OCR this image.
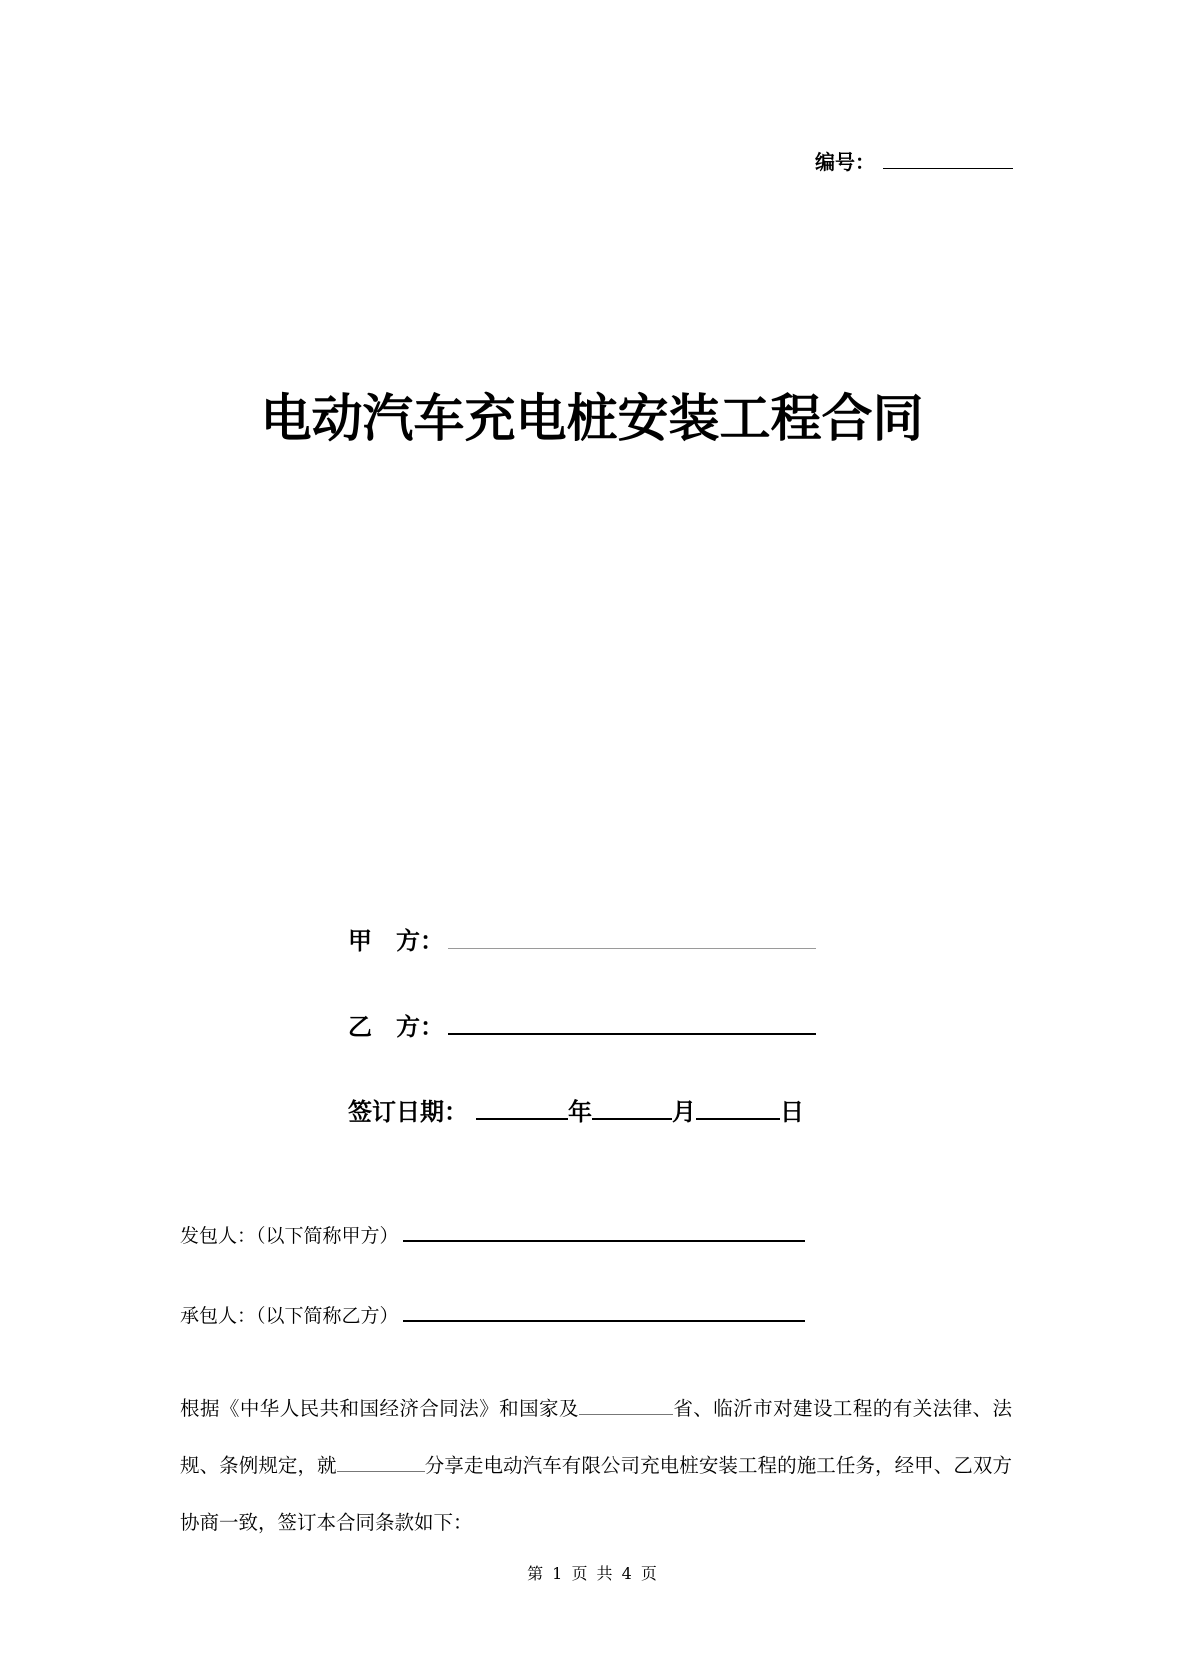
编号：
电动汽车充电桩安装工程合同
甲　方：
乙　方：
签订日期：	年	月	日
发包人：（以下简称甲方）
承包人：（以下简称乙方）
根据《中华人民共和国经济合同法》和国家及	省、临沂市对建设工程的有关法律、法规、条例规定，就	分享走电动汽车有限公司充电桩安装工程的施工任务，经甲、乙双方协商一致，签订本合同条款如下：
第 1 页 共 4 页
